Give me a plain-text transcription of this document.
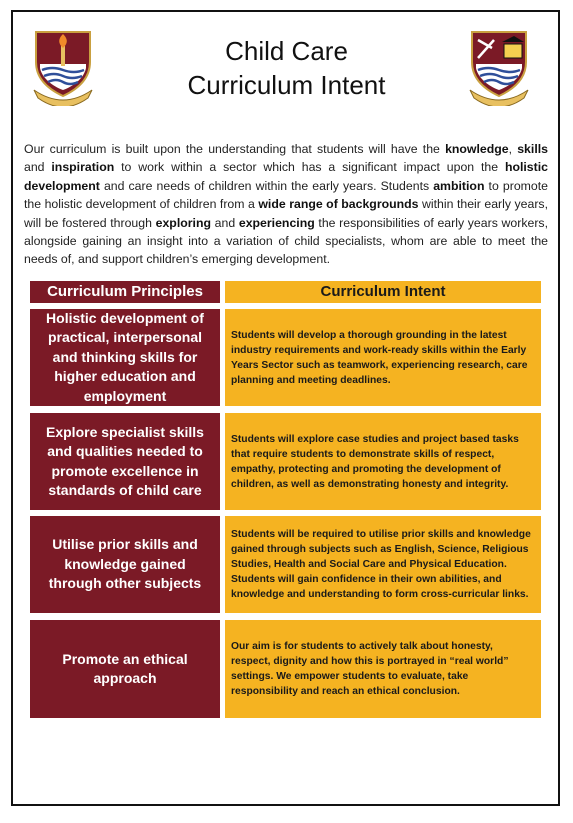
Child Care
Curriculum Intent
Our curriculum is built upon the understanding that students will have the knowledge, skills and inspiration to work within a sector which has a significant impact upon the holistic development and care needs of children within the early years. Students ambition to promote the holistic development of children from a wide range of backgrounds within their early years, will be fostered through exploring and experiencing the responsibilities of early years workers, alongside gaining an insight into a variation of child specialists, whom are able to meet the needs of, and support children’s emerging development.
Curriculum Principles	Curriculum Intent
Holistic development of practical, interpersonal and thinking skills for higher education and employment
Students will develop a thorough grounding in the latest industry requirements and work-ready skills within the Early Years Sector such as teamwork, experiencing research, care planning and meeting deadlines.
Explore specialist skills and qualities needed to promote excellence in standards of child care
Students will explore case studies and project based tasks that require students to demonstrate skills of respect, empathy, protecting and promoting the development of children, as well as demonstrating honesty and integrity.
Utilise prior skills and knowledge gained through other subjects
Students will be required to utilise prior skills and knowledge gained through subjects such as English, Science, Religious Studies, Health and Social Care and Physical Education. Students will gain confidence in their own abilities, and knowledge and understanding to form cross-curricular links.
Promote an ethical approach
Our aim is for students to actively talk about honesty, respect, dignity and how this is portrayed in “real world” settings. We empower students to evaluate, take responsibility and reach an ethical conclusion.
